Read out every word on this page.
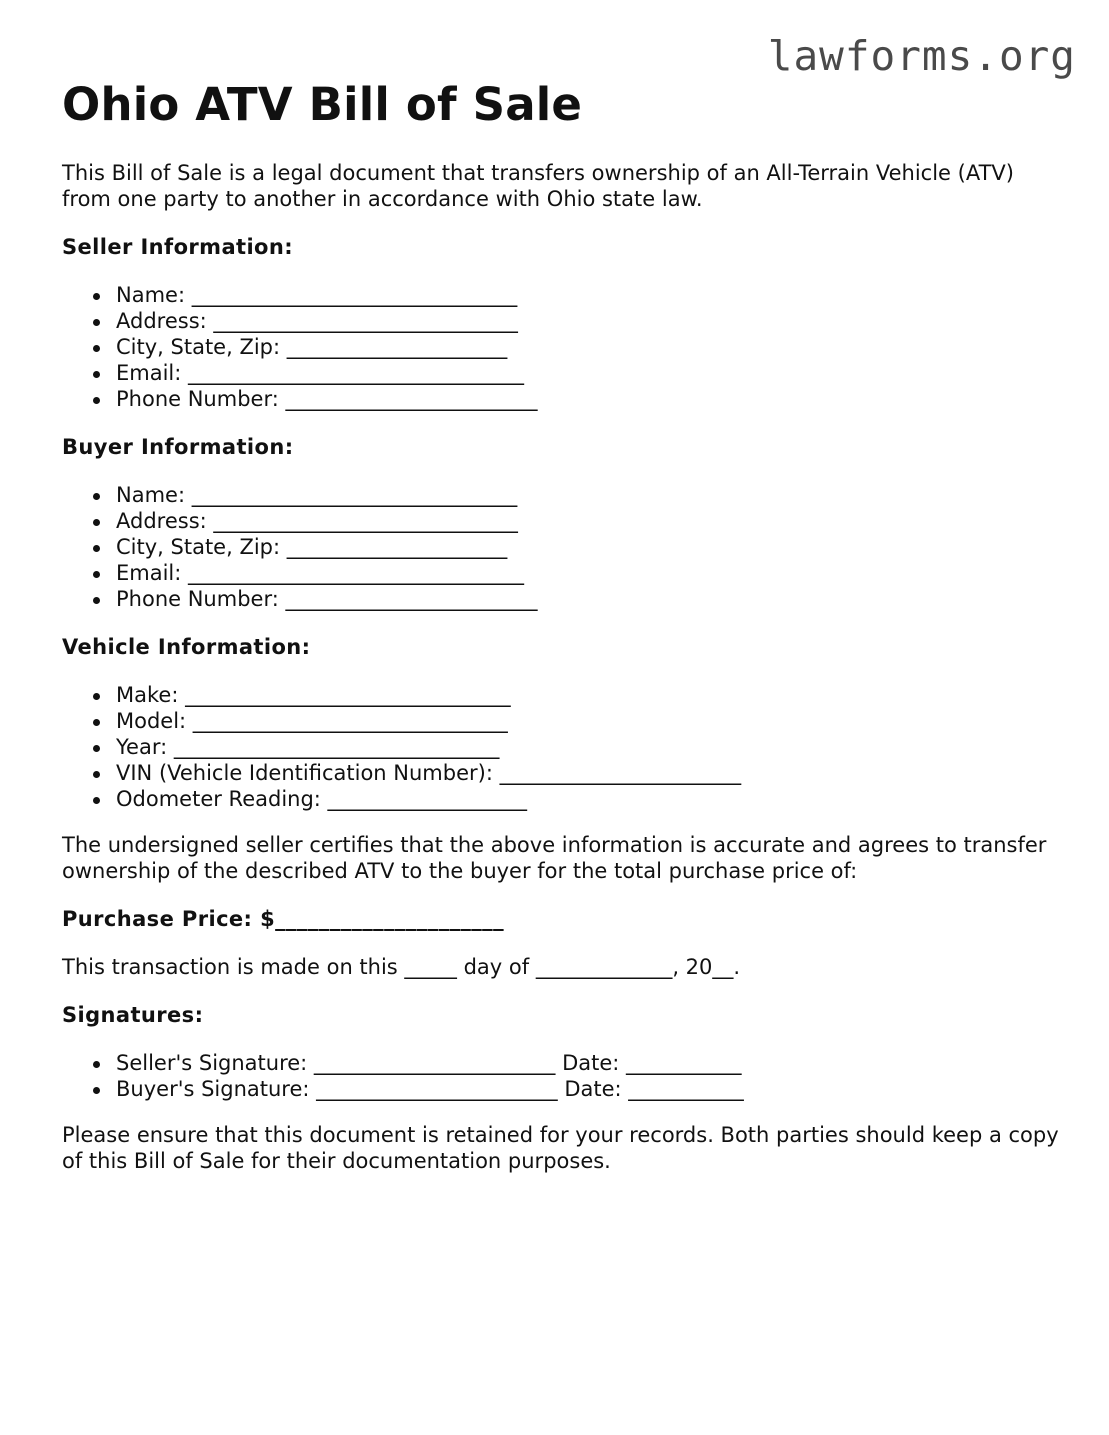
lawforms.org
Ohio ATV Bill of Sale

This Bill of Sale is a legal document that transfers ownership of an All-Terrain Vehicle (ATV) from one party to another in accordance with Ohio state law.

Seller Information:
Name: _______________________________
Address: _____________________________
City, State, Zip: _____________________
Email: ________________________________
Phone Number: ________________________
Buyer Information:
Name: _______________________________
Address: _____________________________
City, State, Zip: _____________________
Email: ________________________________
Phone Number: ________________________
Vehicle Information:
Make: _______________________________
Model: ______________________________
Year: _______________________________
VIN (Vehicle Identification Number): _______________________
Odometer Reading: ___________________

The undersigned seller certifies that the above information is accurate and agrees to transfer ownership of the described ATV to the buyer for the total purchase price of:

Purchase Price: $_____________________

This transaction is made on this _____ day of _____________, 20__.

Signatures:
Seller's Signature: _______________________ Date: ___________
Buyer's Signature: _______________________ Date: ___________

Please ensure that this document is retained for your records. Both parties should keep a copy of this Bill of Sale for their documentation purposes.
